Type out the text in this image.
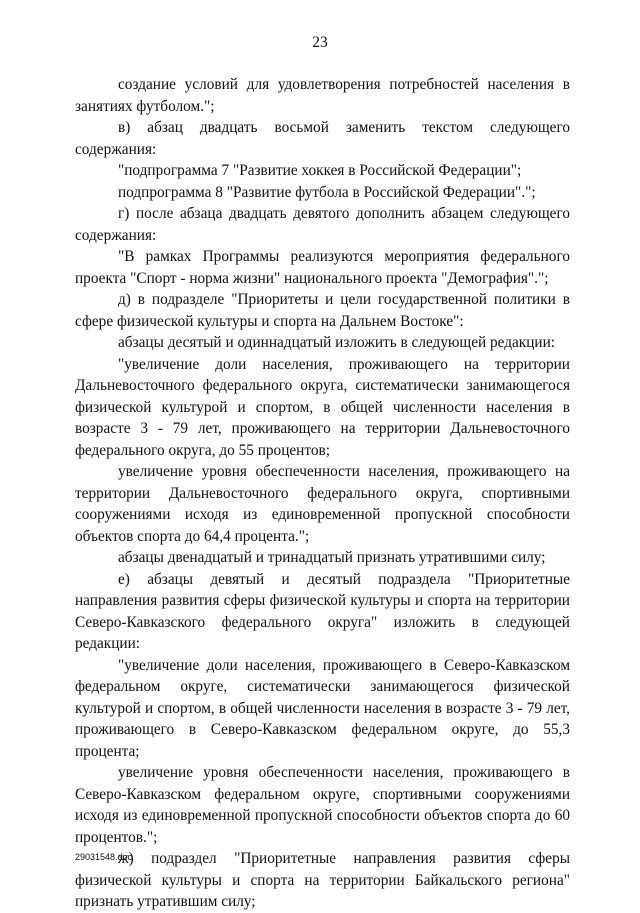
23

создание условий для удовлетворения потребностей населения в занятиях футболом.";

в) абзац двадцать восьмой заменить текстом следующего содержания:

"подпрограмма 7 "Развитие хоккея в Российской Федерации";

подпрограмма 8 "Развитие футбола в Российской Федерации".";

г) после абзаца двадцать девятого дополнить абзацем следующего содержания:

"В рамках Программы реализуются мероприятия федерального проекта "Спорт - норма жизни" национального проекта "Демография".";

д) в подразделе "Приоритеты и цели государственной политики в сфере физической культуры и спорта на Дальнем Востоке":

абзацы десятый и одиннадцатый изложить в следующей редакции:

"увеличение доли населения, проживающего на территории Дальневосточного федерального округа, систематически занимающегося физической культурой и спортом, в общей численности населения в возрасте 3 - 79 лет, проживающего на территории Дальневосточного федерального округа, до 55 процентов;

увеличение уровня обеспеченности населения, проживающего на территории Дальневосточного федерального округа, спортивными сооружениями исходя из единовременной пропускной способности объектов спорта до 64,4 процента.";

абзацы двенадцатый и тринадцатый признать утратившими силу;

е) абзацы девятый и десятый подраздела "Приоритетные направления развития сферы физической культуры и спорта на территории Северо-Кавказского федерального округа" изложить в следующей редакции:

"увеличение доли населения, проживающего в Северо-Кавказском федеральном округе, систематически занимающегося физической культурой и спортом, в общей численности населения в возрасте 3 - 79 лет, проживающего в Северо-Кавказском федеральном округе, до 55,3 процента;

увеличение уровня обеспеченности населения, проживающего в Северо-Кавказском федеральном округе, спортивными сооружениями исходя из единовременной пропускной способности объектов спорта до 60 процентов.";

ж) подраздел "Приоритетные направления развития сферы физической культуры и спорта на территории Байкальского региона" признать утратившим силу;

29031548.doc
